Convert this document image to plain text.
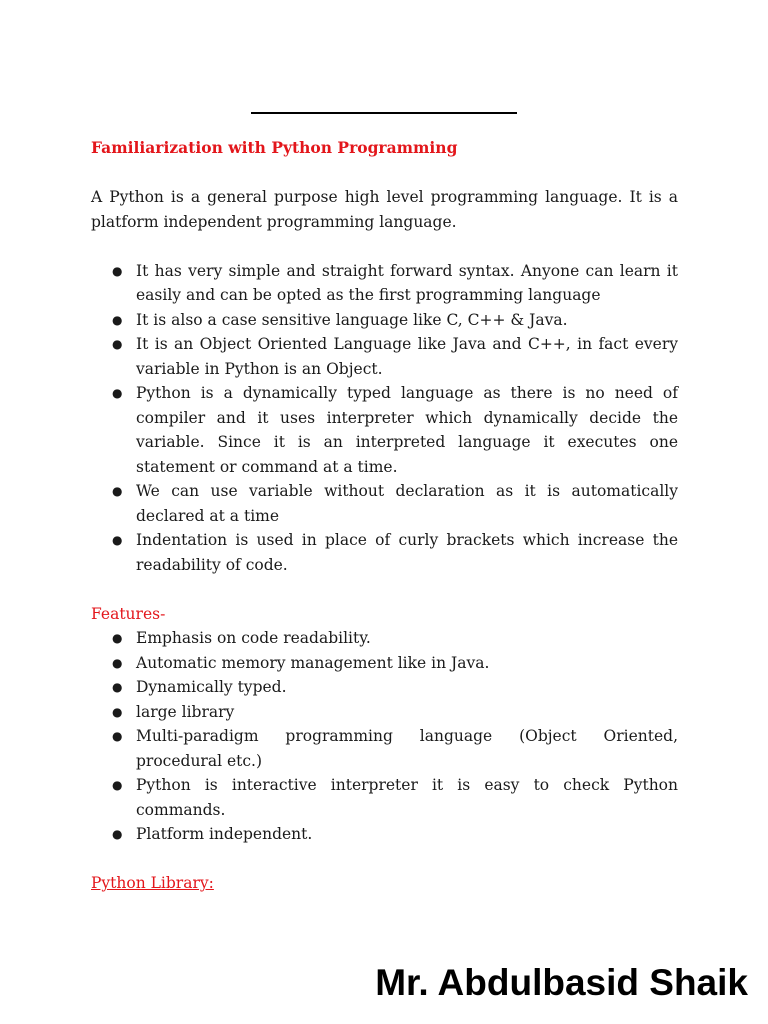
Familiarization with Python Programming

A Python is a general purpose high level programming language. It is a platform independent programming language.

● It has very simple and straight forward syntax. Anyone can learn it easily and can be opted as the first programming language
● It is also a case sensitive language like C, C++ & Java.
● It is an Object Oriented Language like Java and C++, in fact every variable in Python is an Object.
● Python is a dynamically typed language as there is no need of compiler and it uses interpreter which dynamically decide the variable. Since it is an interpreted language it executes one statement or command at a time.
● We can use variable without declaration as it is automatically declared at a time
● Indentation is used in place of curly brackets which increase the readability of code.

Features-

● Emphasis on code readability.
● Automatic memory management like in Java.
● Dynamically typed.
● large library
● Multi-paradigm programming language (Object Oriented, procedural etc.)
● Python is interactive interpreter it is easy to check Python commands.
● Platform independent.

Python Library:

Mr. Abdulbasid Shaik
